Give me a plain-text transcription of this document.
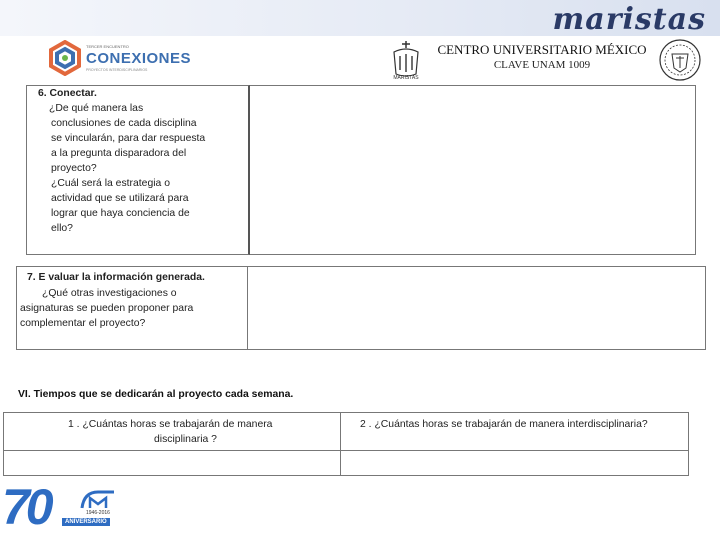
maristas
TERCER ENCUENTRO
CONEXIONES
PROYECTOS INTERDISCIPLINARIOS
MARISTAS
CENTRO UNIVERSITARIO MÉXICO
CLAVE UNAM 1009
6. Conectar.
¿De qué manera las
conclusiones de cada disciplina
se vincularán, para dar respuesta
a la pregunta disparadora del
proyecto?
¿Cuál será la estrategia o
actividad que se utilizará para
lograr que haya conciencia de
ello?
7. E valuar la información generada.
¿Qué otras investigaciones o
asignaturas se pueden proponer para
complementar el proyecto?
VI. Tiempos que se dedicarán al proyecto cada semana.
1 . ¿Cuántas horas se trabajarán de manera
disciplinaria ?
2 . ¿Cuántas horas se trabajarán de manera interdisciplinaria?
70	1946-2016
ANIVERSARIO
